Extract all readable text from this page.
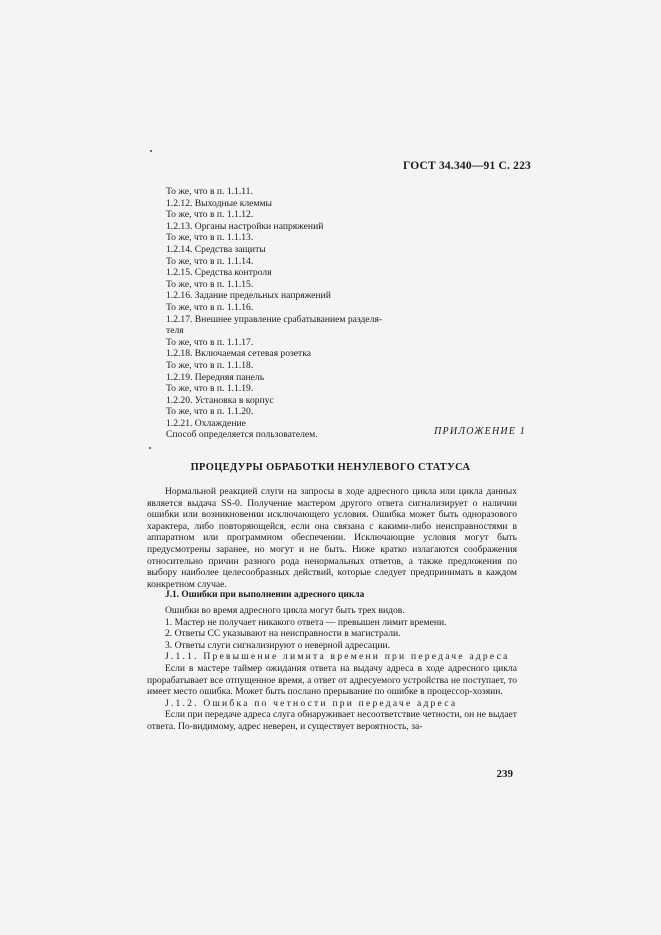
ГОСТ 34.340—91 С. 223
То же, что в п. 1.1.11.
1.2.12. Выходные клеммы
То же, что в п. 1.1.12.
1.2.13. Органы настройки напряжений
То же, что в п. 1.1.13.
1.2.14. Средства защиты
То же, что в п. 1.1.14.
1.2.15. Средства контроля
То же, что в п. 1.1.15.
1.2.16. Задание предельных напряжений
То же, что в п. 1.1.16.
1.2.17. Внешнее управление срабатыванием разделя-
теля
То же, что в п. 1.1.17.
1.2.18. Включаемая сетевая розетка
То же, что в п. 1.1.18.
1.2.19. Передняя панель
То же, что в п. 1.1.19.
1.2.20. Установка в корпус
То же, что в п. 1.1.20.
1.2.21. Охлаждение
Способ определяется пользователем.	ПРИЛОЖЕНИЕ 1
ПРОЦЕДУРЫ ОБРАБОТКИ НЕНУЛЕВОГО СТАТУСА

Нормальной реакцией слуги на запросы в ходе адресного цикла или цикла данных является выдача SS-0. Получение мастером другого ответа сигнализирует о наличии ошибки или возникновении исключающего условия. Ошибка может быть одноразового характера, либо повторяющейся, если она связана с какими-либо неисправностями в аппаратном или программном обеспечении. Исключающие условия могут быть предусмотрены заранее, но могут и не быть. Ниже кратко излагаются соображения относительно причин разного рода ненормальных ответов, а также предложения по выбору наиболее целесообразных действий, которые следует предпринимать в каждом конкретном случае.

J.1. Ошибки при выполнении адресного цикла
Ошибки во время адресного цикла могут быть трех видов.
1. Мастер не получает никакого ответа — превышен лимит времени.
2. Ответы СС указывают на неисправности в магистрали.
3. Ответы слуги сигнализируют о неверной адресации.

J.1.1. Превышение лимита времени при передаче адреса

Если в мастере таймер ожидания ответа на выдачу адреса в ходе адресного цикла прорабатывает все отпущенное время, а ответ от адресуемого устройства не поступает, то имеет место ошибка. Может быть послано прерывание по ошибке в процессор-хозяин.

J.1.2. Ошибка по четности при передаче адреса

Если при передаче адреса слуга обнаруживает несоответствие четности, он не выдает ответа. По-видимому, адрес неверен, и существует вероятность, за-

239
